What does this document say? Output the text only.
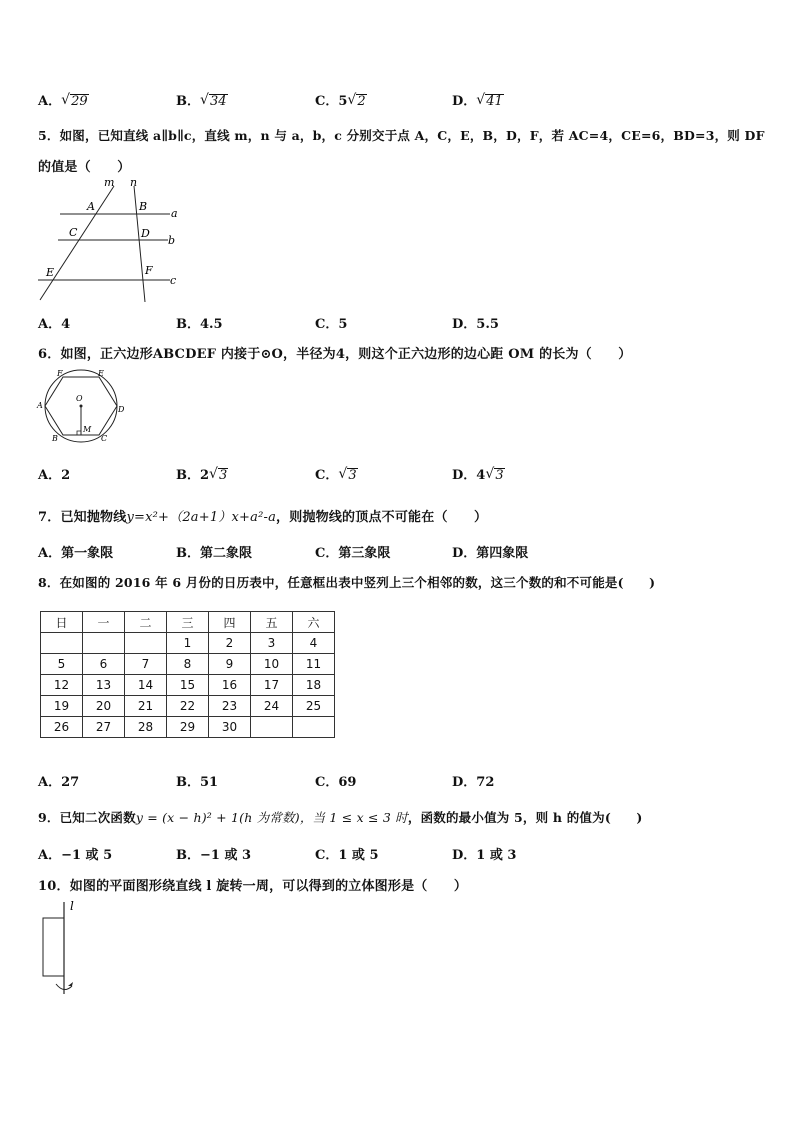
A． √ 29	B． √ 34	C．5 √ 2	D． √ 41
5．如图，已知直线 a∥b∥c，直线 m，n 与 a，b，c 分别交于点 A，C，E，B，D，F，若 AC=4，CE=6，BD=3，则 DF
的值是（　　）
m n
a
b
c
A	B
C	D
E	F
A．4	B．4.5	C．5	D．5.5
6．如图，正六边形ABCDEF 内接于⊙O，半径为4，则这个正六边形的边心距 OM 的长为（　　）
O
M
A
B	C
D
E
F
A．2	B．2 √ 3	C． √ 3	D．4 √ 3
7．已知抛物线y=x²+（2a+1）x+a²-a，则抛物线的顶点不可能在（　　）
A．第一象限	B．第二象限	C．第三象限	D．第四象限
8．在如图的 2016 年 6 月份的日历表中，任意框出表中竖列上三个相邻的数，这三个数的和不可能是(　　)
日	一	二	三	四	五	六
			1	2	3	4
5	6	7	8	9	10	11
12	13	14	15	16	17	18
19	20	21	22	23	24	25
26	27	28	29	30		
A．27	B．51	C．69	D．72
9．已知二次函数y = (x − h)² + 1(h 为常数)，当 1 ≤ x ≤ 3 时，函数的最小值为 5，则 h 的值为(　　)
A．−1 或 5	B．−1 或 3	C．1 或 5	D．1 或 3
10．如图的平面图形绕直线 l 旋转一周，可以得到的立体图形是（　　）
l
